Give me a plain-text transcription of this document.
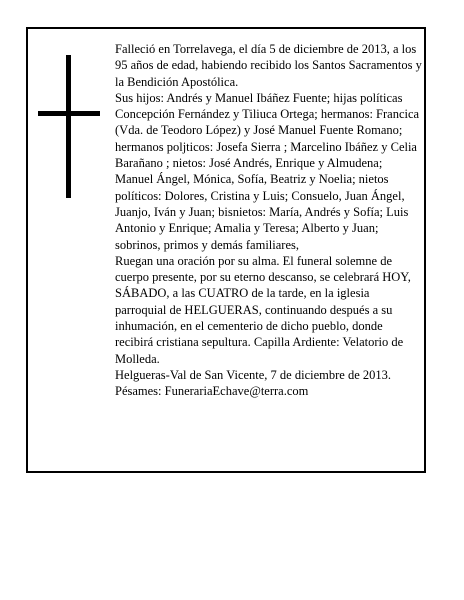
Falleció en Torrelavega, el día 5 de diciembre de 2013, a los 95 años de edad, habiendo recibido los Santos Sacramentos y la Bendición Apostólica.

Sus hijos: Andrés y Manuel Ibáñez Fuente; hijas políticas Concepción Fernández y Tiliuca Ortega; hermanos: Francica (Vda. de Teodoro López) y José Manuel Fuente Romano; hermanos poljticos: Josefa Sierra ; Marcelino Ibáñez y Celia Barañano ; nietos: José Andrés, Enrique y Almudena; Manuel Ángel, Mónica, Sofía, Beatriz y Noelia; nietos políticos: Dolores, Cristina y Luis; Consuelo, Juan Ángel, Juanjo, Iván y Juan; bisnietos: María, Andrés y Sofía; Luis Antonio y Enrique; Amalia y Teresa; Alberto y Juan; sobrinos, primos y demás familiares,

Ruegan una oración por su alma. El funeral solemne de cuerpo presente, por su eterno descanso, se celebrará HOY, SÁBADO, a las CUATRO de la tarde, en la iglesia parroquial de HELGUERAS, continuando después a su inhumación, en el cementerio de dicho pueblo, donde recibirá cristiana sepultura. Capilla Ardiente: Velatorio de Molleda.

Helgueras-Val de San Vicente, 7 de diciembre de 2013.

Pésames: FunerariaEchave@terra.com
